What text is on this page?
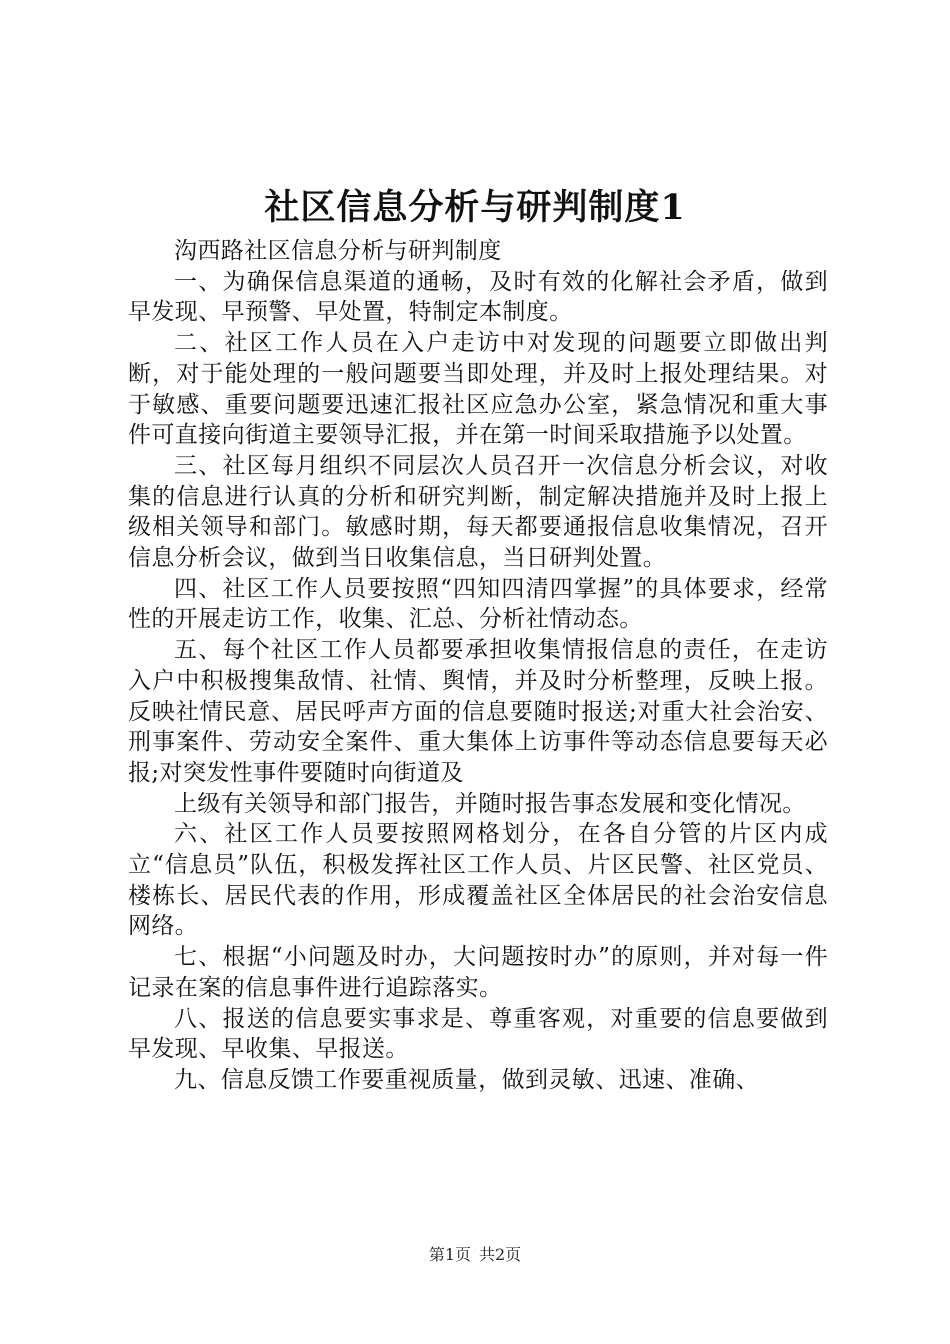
社区信息分析与研判制度1

沟西路社区信息分析与研判制度

一、为确保信息渠道的通畅，及时有效的化解社会矛盾，做到早发现、早预警、早处置，特制定本制度。

二、社区工作人员在入户走访中对发现的问题要立即做出判断，对于能处理的一般问题要当即处理，并及时上报处理结果。对于敏感、重要问题要迅速汇报社区应急办公室，紧急情况和重大事件可直接向街道主要领导汇报，并在第一时间采取措施予以处置。

三、社区每月组织不同层次人员召开一次信息分析会议，对收集的信息进行认真的分析和研究判断，制定解决措施并及时上报上级相关领导和部门。敏感时期，每天都要通报信息收集情况，召开信息分析会议，做到当日收集信息，当日研判处置。

四、社区工作人员要按照“四知四清四掌握”的具体要求，经常性的开展走访工作，收集、汇总、分析社情动态。

五、每个社区工作人员都要承担收集情报信息的责任，在走访入户中积极搜集敌情、社情、舆情，并及时分析整理，反映上报。反映社情民意、居民呼声方面的信息要随时报送;对重大社会治安、刑事案件、劳动安全案件、重大集体上访事件等动态信息要每天必报;对突发性事件要随时向街道及

上级有关领导和部门报告，并随时报告事态发展和变化情况。

六、社区工作人员要按照网格划分，在各自分管的片区内成立“信息员”队伍，积极发挥社区工作人员、片区民警、社区党员、楼栋长、居民代表的作用，形成覆盖社区全体居民的社会治安信息网络。

七、根据“小问题及时办，大问题按时办”的原则，并对每一件记录在案的信息事件进行追踪落实。

八、报送的信息要实事求是、尊重客观，对重要的信息要做到早发现、早收集、早报送。

九、信息反馈工作要重视质量，做到灵敏、迅速、准确、

第1页 共2页
